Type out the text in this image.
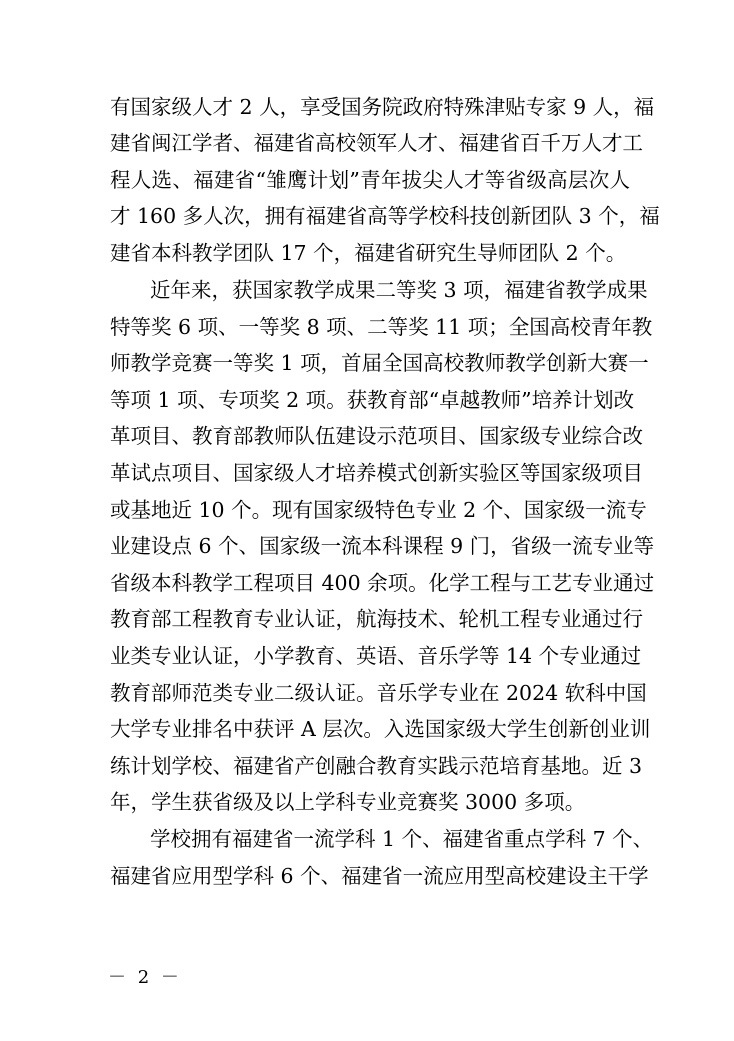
有国家级人才 2 人，享受国务院政府特殊津贴专家 9 人，福
建省闽江学者、福建省高校领军人才、福建省百千万人才工
程人选、福建省“雏鹰计划”青年拔尖人才等省级高层次人
才 160 多人次，拥有福建省高等学校科技创新团队 3 个，福
建省本科教学团队 17 个，福建省研究生导师团队 2 个。
近年来，获国家教学成果二等奖 3 项，福建省教学成果
特等奖 6 项、一等奖 8 项、二等奖 11 项；全国高校青年教
师教学竞赛一等奖 1 项，首届全国高校教师教学创新大赛一
等项 1 项、专项奖 2 项。获教育部“卓越教师”培养计划改
革项目、教育部教师队伍建设示范项目、国家级专业综合改
革试点项目、国家级人才培养模式创新实验区等国家级项目
或基地近 10 个。现有国家级特色专业 2 个、国家级一流专
业建设点 6 个、国家级一流本科课程 9 门，省级一流专业等
省级本科教学工程项目 400 余项。化学工程与工艺专业通过
教育部工程教育专业认证，航海技术、轮机工程专业通过行
业类专业认证，小学教育、英语、音乐学等 14 个专业通过
教育部师范类专业二级认证。音乐学专业在 2024 软科中国
大学专业排名中获评 A 层次。入选国家级大学生创新创业训
练计划学校、福建省产创融合教育实践示范培育基地。近 3
年，学生获省级及以上学科专业竞赛奖 3000 多项。
学校拥有福建省一流学科 1 个、福建省重点学科 7 个、
福建省应用型学科 6 个、福建省一流应用型高校建设主干学
－ 2 －
